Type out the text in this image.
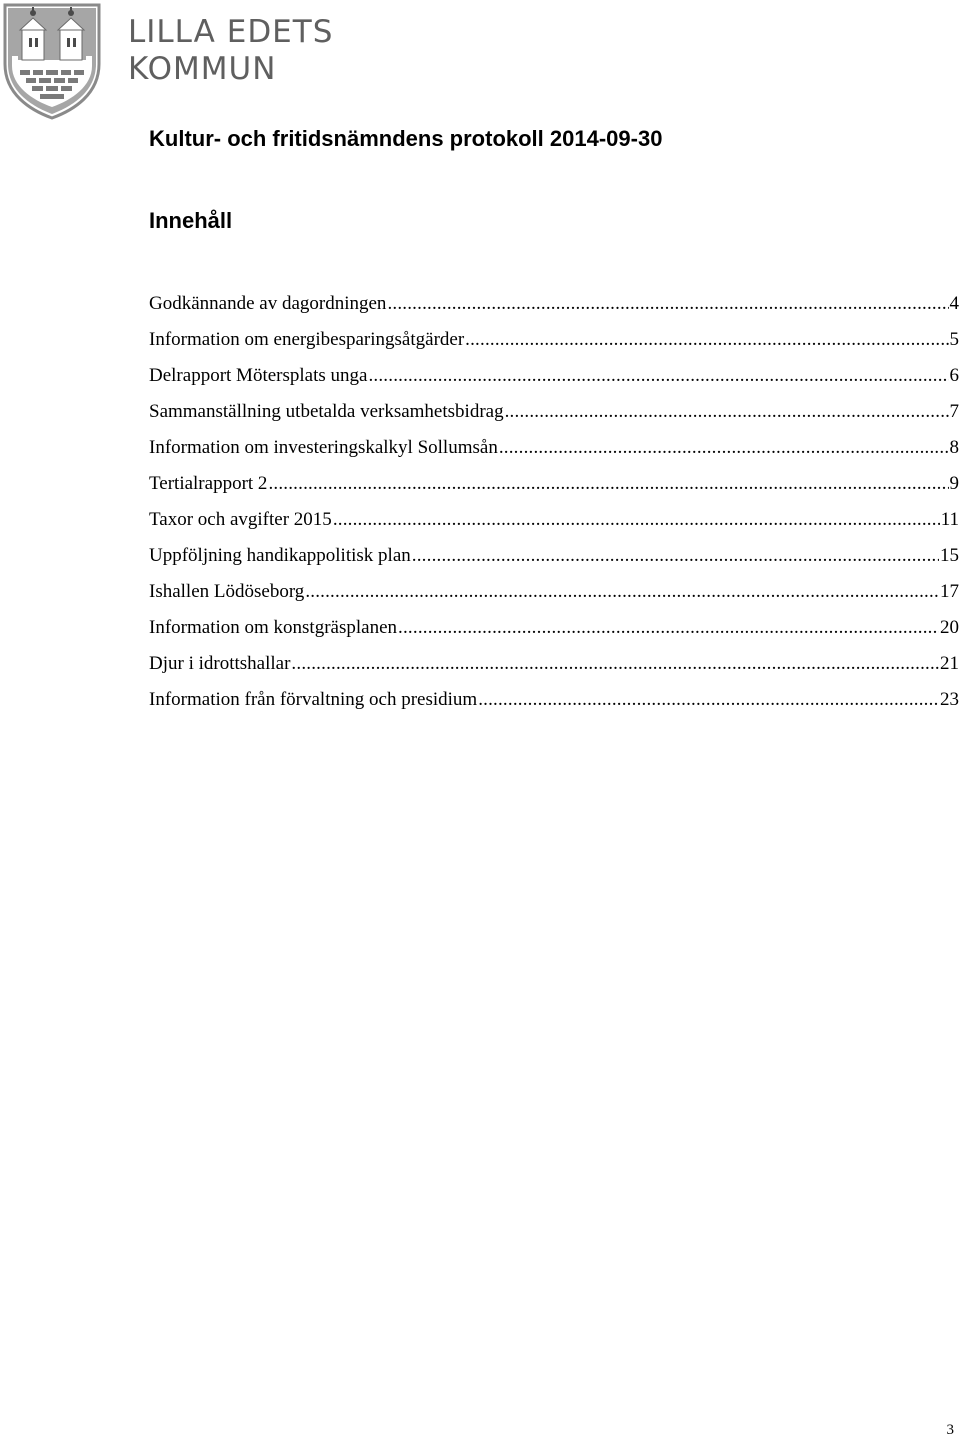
LILLA EDETS
KOMMUN
Kultur- och fritidsnämndens protokoll 2014-09-30
Innehåll
Godkännande av dagordningen .....	4
Information om energibesparingsåtgärder .....	5
Delrapport Mötersplats unga .....	6
Sammanställning utbetalda verksamhetsbidrag .....	7
Information om investeringskalkyl Sollumsån .....	8
Tertialrapport 2 .....	9
Taxor och avgifter 2015 .....	11
Uppföljning handikappolitisk plan .....	15
Ishallen Lödöseborg .....	17
Information om konstgräsplanen .....	20
Djur i idrottshallar .....	21
Information från förvaltning och presidium .....	23
3
